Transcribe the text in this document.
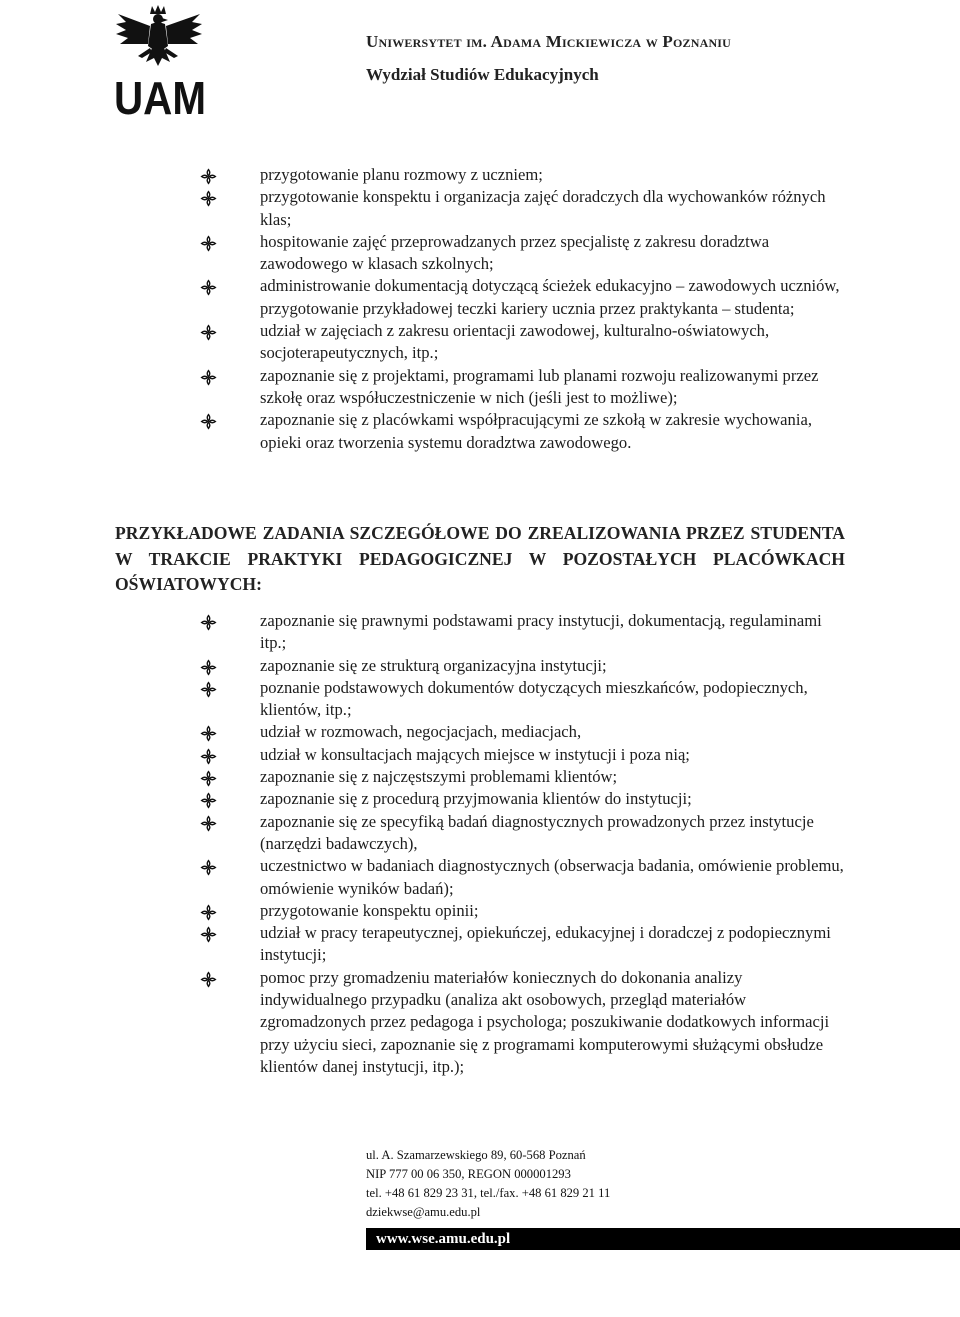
UAM
Uniwersytet im. Adama Mickiewicza w Poznaniu
Wydział Studiów Edukacyjnych
przygotowanie planu rozmowy z uczniem;
przygotowanie konspektu i organizacja zajęć doradczych dla wychowanków różnych klas;
hospitowanie zajęć przeprowadzanych przez specjalistę z zakresu doradztwa zawodowego w klasach szkolnych;
administrowanie dokumentacją dotyczącą ścieżek edukacyjno – zawodowych uczniów, przygotowanie przykładowej teczki kariery ucznia przez praktykanta – studenta;
udział w zajęciach z zakresu orientacji zawodowej, kulturalno-oświatowych, socjoterapeutycznych, itp.;
zapoznanie się z projektami, programami lub planami rozwoju realizowanymi przez szkołę oraz współuczestniczenie w nich (jeśli jest to możliwe);
zapoznanie się z placówkami współpracującymi ze szkołą w zakresie wychowania, opieki oraz tworzenia systemu doradztwa zawodowego.
PRZYKŁADOWE ZADANIA SZCZEGÓŁOWE DO ZREALIZOWANIA PRZEZ STUDENTA W TRAKCIE PRAKTYKI PEDAGOGICZNEJ W POZOSTAŁYCH PLACÓWKACH OŚWIATOWYCH:
zapoznanie się prawnymi podstawami pracy instytucji, dokumentacją, regulaminami itp.;
zapoznanie się ze strukturą organizacyjna instytucji;
poznanie podstawowych dokumentów dotyczących mieszkańców, podopiecznych, klientów, itp.;
udział w rozmowach, negocjacjach, mediacjach,
udział w konsultacjach mających miejsce w instytucji i poza nią;
zapoznanie się z najczęstszymi problemami klientów;
zapoznanie się z procedurą przyjmowania klientów do instytucji;
zapoznanie się ze specyfiką badań diagnostycznych prowadzonych przez instytucje (narzędzi badawczych),
uczestnictwo w badaniach diagnostycznych (obserwacja badania, omówienie problemu, omówienie wyników badań);
przygotowanie konspektu opinii;
udział w pracy terapeutycznej, opiekuńczej, edukacyjnej i doradczej z podopiecznymi instytucji;
pomoc przy gromadzeniu materiałów koniecznych do dokonania analizy indywidualnego przypadku (analiza akt osobowych, przegląd materiałów zgromadzonych przez pedagoga i psychologa; poszukiwanie dodatkowych informacji przy użyciu sieci, zapoznanie się z programami komputerowymi służącymi obsłudze klientów danej instytucji, itp.);
ul. A. Szamarzewskiego 89, 60-568 Poznań
NIP 777 00 06 350, REGON 000001293
tel. +48 61 829 23 31, tel./fax. +48 61 829 21 11
dziekwse@amu.edu.pl
www.wse.amu.edu.pl
